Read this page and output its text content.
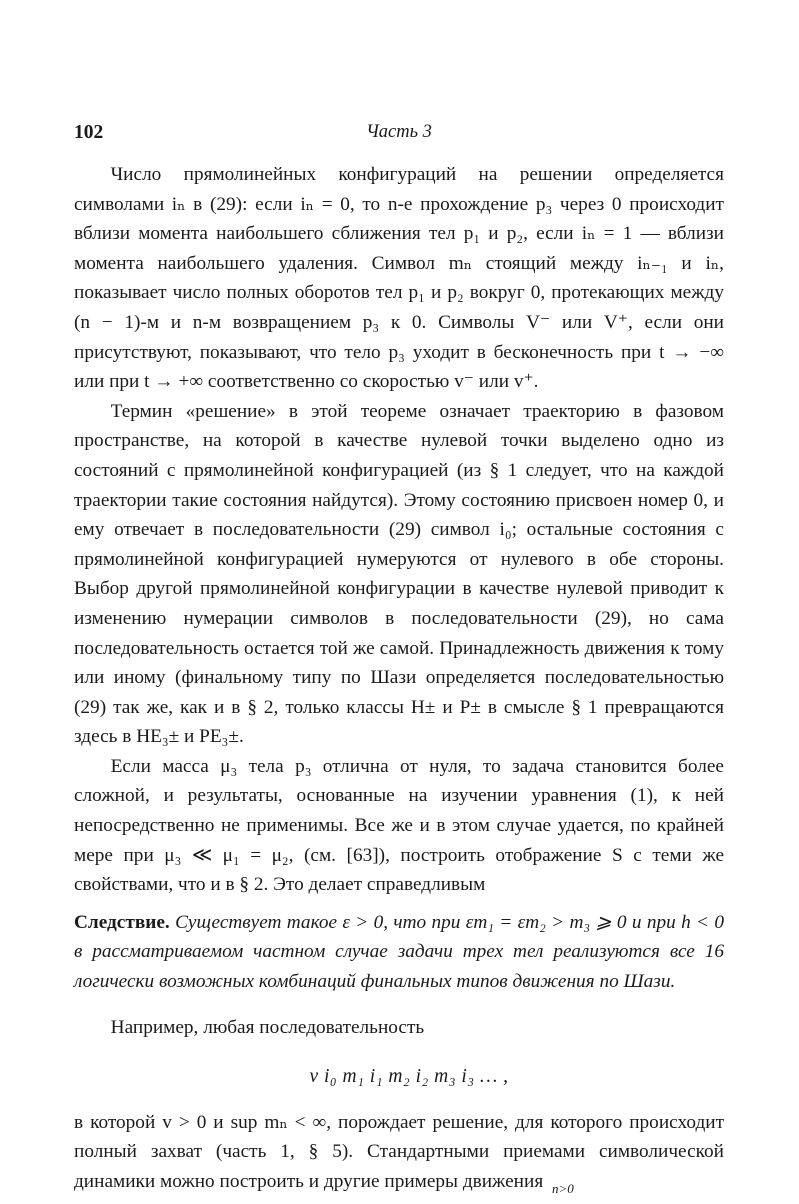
102	Часть 3

Число прямолинейных конфигураций на решении определяется символами iₙ в (29): если iₙ = 0, то n-е прохождение p₃ через 0 происходит вблизи момента наибольшего сближения тел p₁ и p₂, если iₙ = 1 — вблизи момента наибольшего удаления. Символ mₙ стоящий между iₙ₋₁ и iₙ, показывает число полных оборотов тел p₁ и p₂ вокруг 0, протекающих между (n − 1)-м и n-м возвращением p₃ к 0. Символы V⁻ или V⁺, если они присутствуют, показывают, что тело p₃ уходит в бесконечность при t → −∞ или при t → +∞ соответственно со скоростью v⁻ или v⁺.

Термин «решение» в этой теореме означает траекторию в фазовом пространстве, на которой в качестве нулевой точки выделено одно из состояний с прямолинейной конфигурацией (из § 1 следует, что на каждой траектории такие состояния найдутся). Этому состоянию присвоен номер 0, и ему отвечает в последовательности (29) символ i₀; остальные состояния с прямолинейной конфигурацией нумеруются от нулевого в обе стороны. Выбор другой прямолинейной конфигурации в качестве нулевой приводит к изменению нумерации символов в последовательности (29), но сама последовательность остается той же самой. Принадлежность движения к тому или иному (финальному типу по Шази определяется последовательностью (29) так же, как и в § 2, только классы H± и P± в смысле § 1 превращаются здесь в HE₃± и PE₃±.

Если масса μ₃ тела p₃ отлична от нуля, то задача становится более сложной, и результаты, основанные на изучении уравнения (1), к ней непосредственно не применимы. Все же и в этом случае удается, по крайней мере при μ₃ ≪ μ₁ = μ₂, (см. [63]), построить отображение S с теми же свойствами, что и в § 2. Это делает справедливым

Следствие. Существует такое ε > 0, что при εm₁ = εm₂ > m₃ ⩾ 0 и при h < 0 в рассматриваемом частном случае задачи трех тел реализуются все 16 логически возможных комбинаций финальных типов движения по Шази.

Например, любая последовательность

v i₀ m₁ i₁ m₂ i₂ m₃ i₃ … ,

в которой v > 0 и sup mₙ < ∞, порождает решение, для которого происходит полный захват (часть 1, § 5). Стандартными приемами символической динамики можно построить и другие примеры движения $_{n>0}$
